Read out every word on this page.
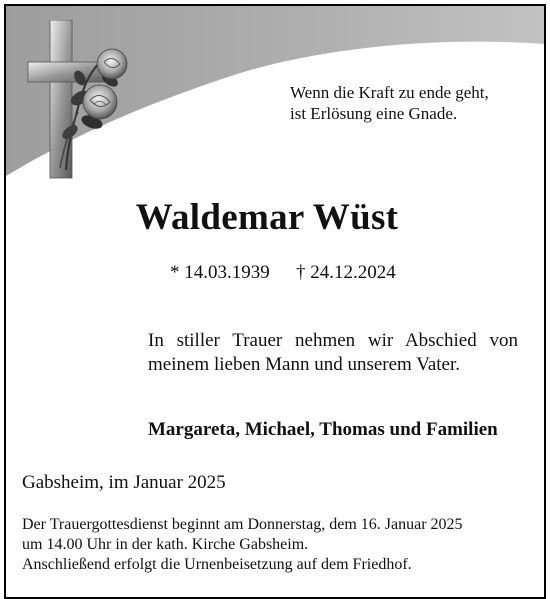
Wenn die Kraft zu ende geht,
ist Erlösung eine Gnade.
Waldemar Wüst
* 14.03.1939 † 24.12.2024
In stiller Trauer nehmen wir Abschied von meinem lieben Mann und unserem Vater.
Margareta, Michael, Thomas und Familien
Gabsheim, im Januar 2025
Der Trauergottesdienst beginnt am Donnerstag, dem 16. Januar 2025
um 14.00 Uhr in der kath. Kirche Gabsheim.
Anschließend erfolgt die Urnenbeisetzung auf dem Friedhof.
